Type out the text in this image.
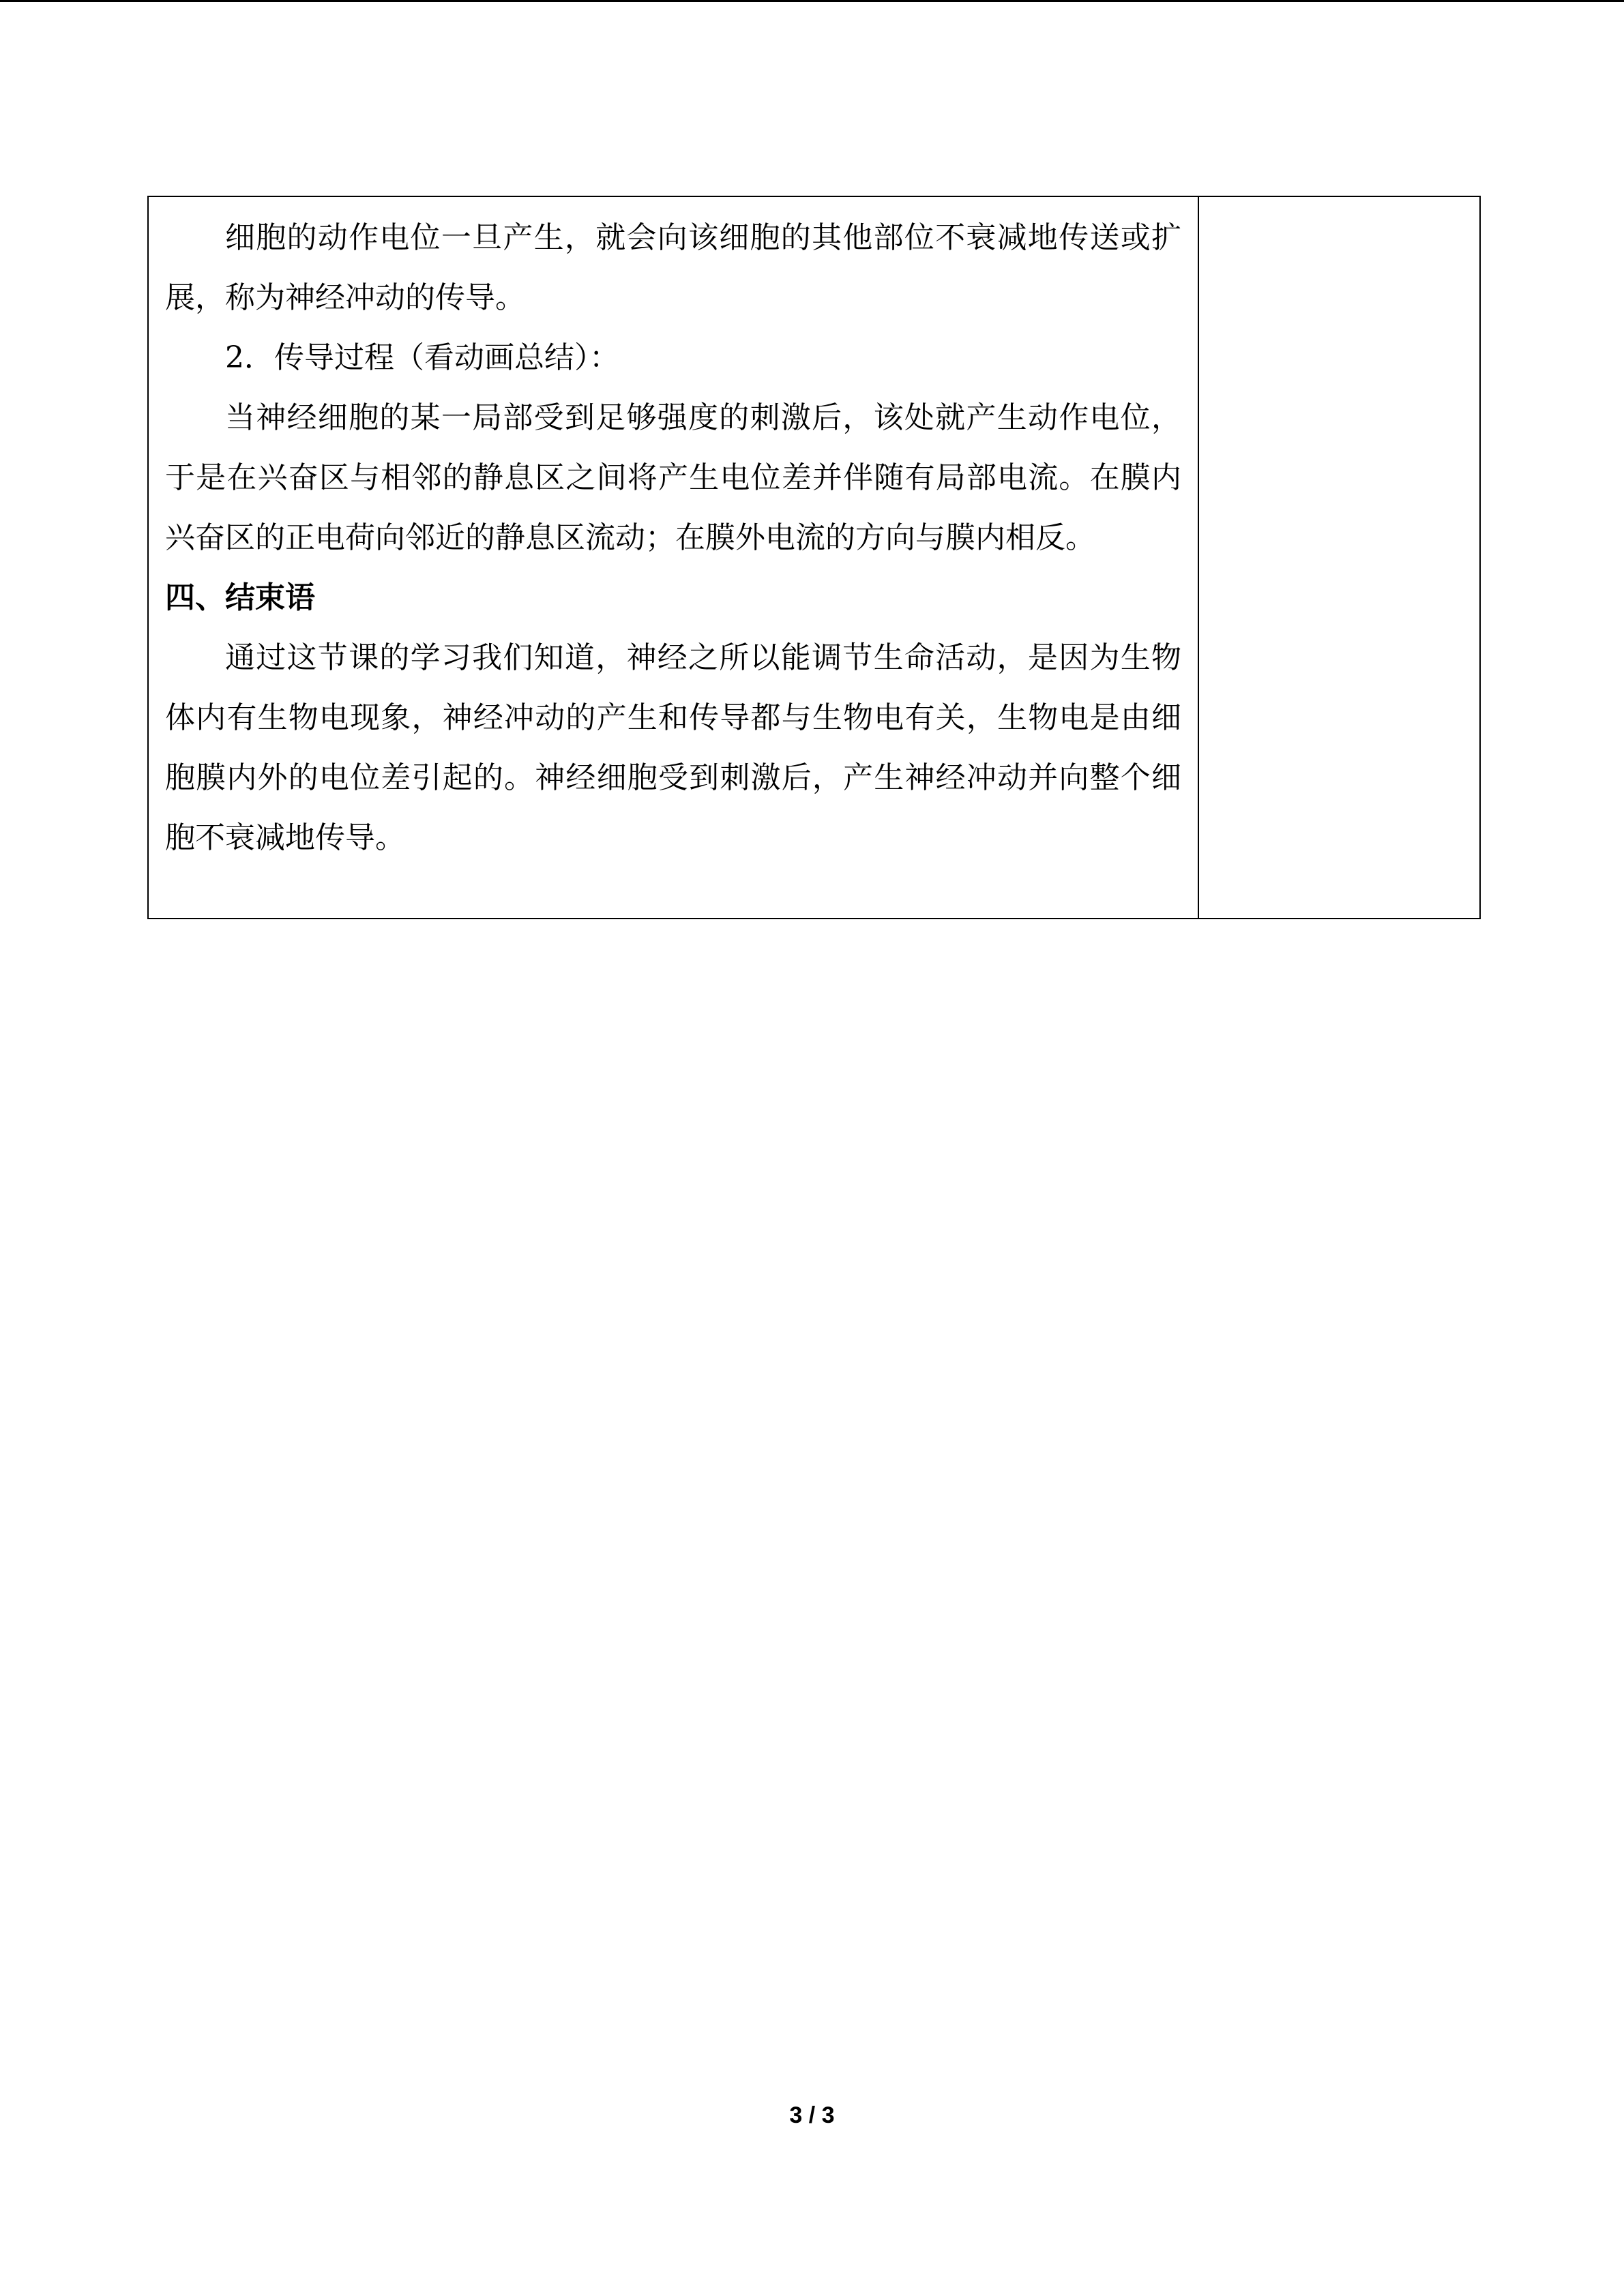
细胞的动作电位一旦产生，就会向该细胞的其他部位不衰减地传送或扩展，称为神经冲动的传导。

2．传导过程（看动画总结）：

当神经细胞的某一局部受到足够强度的刺激后，该处就产生动作电位，于是在兴奋区与相邻的静息区之间将产生电位差并伴随有局部电流。在膜内兴奋区的正电荷向邻近的静息区流动；在膜外电流的方向与膜内相反。

四、结束语

通过这节课的学习我们知道，神经之所以能调节生命活动，是因为生物体内有生物电现象，神经冲动的产生和传导都与生物电有关，生物电是由细胞膜内外的电位差引起的。神经细胞受到刺激后，产生神经冲动并向整个细胞不衰减地传导。

3 / 3
